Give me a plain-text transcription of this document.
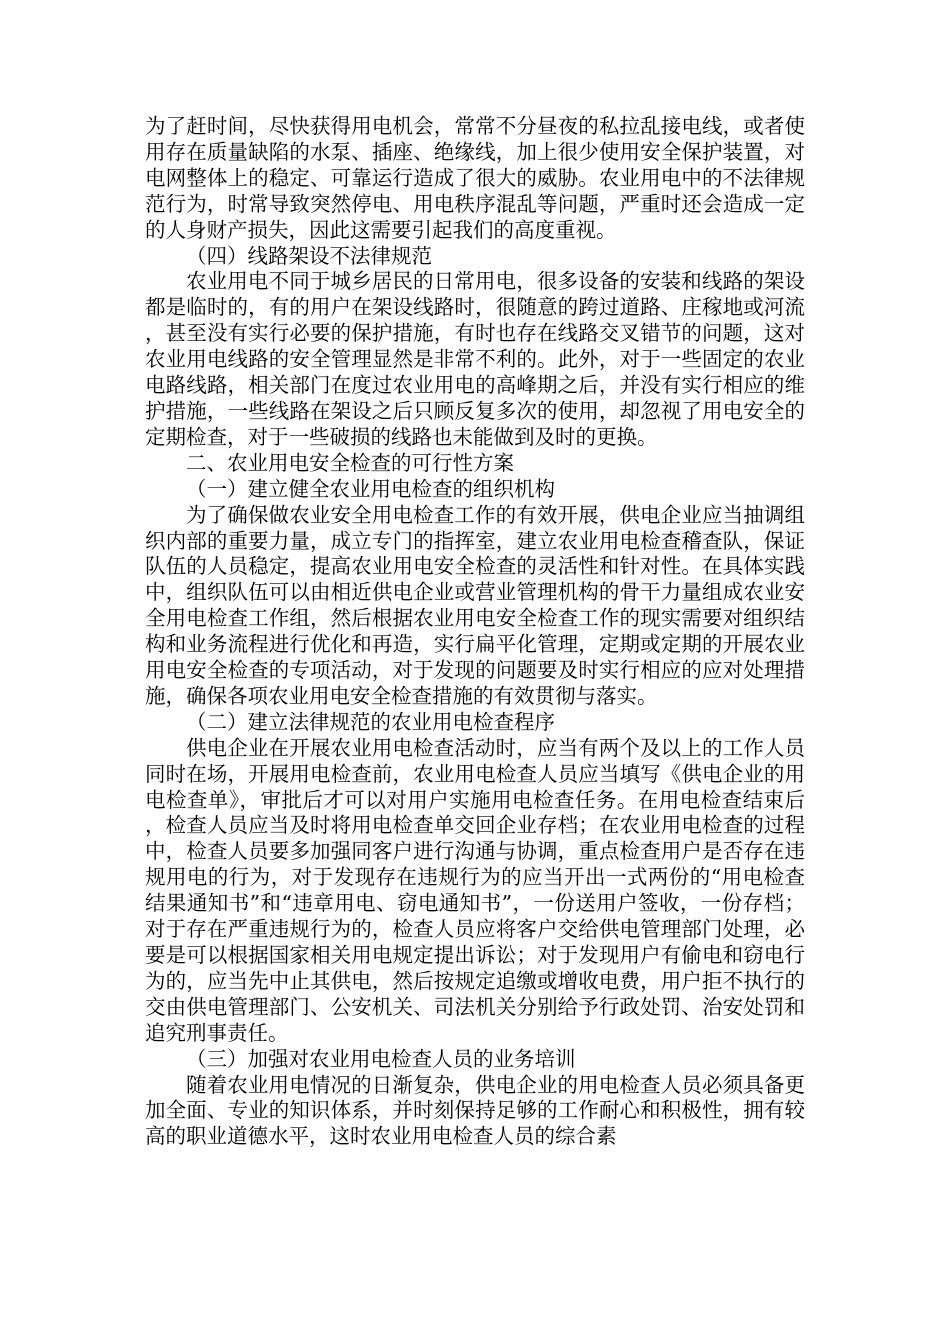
为了赶时间，尽快获得用电机会，常常不分昼夜的私拉乱接电线，或者使用存在质量缺陷的水泵、插座、绝缘线，加上很少使用安全保护装置，对电网整体上的稳定、可靠运行造成了很大的威胁。农业用电中的不法律规范行为，时常导致突然停电、用电秩序混乱等问题，严重时还会造成一定的人身财产损失，因此这需要引起我们的高度重视。

（四）线路架设不法律规范

农业用电不同于城乡居民的日常用电，很多设备的安装和线路的架设都是临时的，有的用户在架设线路时，很随意的跨过道路、庄稼地或河流，甚至没有实行必要的保护措施，有时也存在线路交叉错节的问题，这对农业用电线路的安全管理显然是非常不利的。此外，对于一些固定的农业电路线路，相关部门在度过农业用电的高峰期之后，并没有实行相应的维护措施，一些线路在架设之后只顾反复多次的使用，却忽视了用电安全的定期检查，对于一些破损的线路也未能做到及时的更换。

二、农业用电安全检查的可行性方案

（一）建立健全农业用电检查的组织机构

为了确保做农业安全用电检查工作的有效开展，供电企业应当抽调组织内部的重要力量，成立专门的指挥室，建立农业用电检查稽查队，保证队伍的人员稳定，提高农业用电安全检查的灵活性和针对性。在具体实践中，组织队伍可以由相近供电企业或营业管理机构的骨干力量组成农业安全用电检查工作组，然后根据农业用电安全检查工作的现实需要对组织结构和业务流程进行优化和再造，实行扁平化管理，定期或定期的开展农业用电安全检查的专项活动，对于发现的问题要及时实行相应的应对处理措施，确保各项农业用电安全检查措施的有效贯彻与落实。

（二）建立法律规范的农业用电检查程序

供电企业在开展农业用电检查活动时，应当有两个及以上的工作人员同时在场，开展用电检查前，农业用电检查人员应当填写《供电企业的用电检查单》，审批后才可以对用户实施用电检查任务。在用电检查结束后，检查人员应当及时将用电检查单交回企业存档；在农业用电检查的过程中，检查人员要多加强同客户进行沟通与协调，重点检查用户是否存在违规用电的行为，对于发现存在违规行为的应当开出一式两份的“用电检查结果通知书”和“违章用电、窃电通知书”，一份送用户签收，一份存档；对于存在严重违规行为的，检查人员应将客户交给供电管理部门处理，必要是可以根据国家相关用电规定提出诉讼；对于发现用户有偷电和窃电行为的，应当先中止其供电，然后按规定追缴或增收电费，用户拒不执行的交由供电管理部门、公安机关、司法机关分别给予行政处罚、治安处罚和追究刑事责任。

（三）加强对农业用电检查人员的业务培训

随着农业用电情况的日渐复杂，供电企业的用电检查人员必须具备更加全面、专业的知识体系，并时刻保持足够的工作耐心和积极性，拥有较高的职业道德水平，这时农业用电检查人员的综合素
